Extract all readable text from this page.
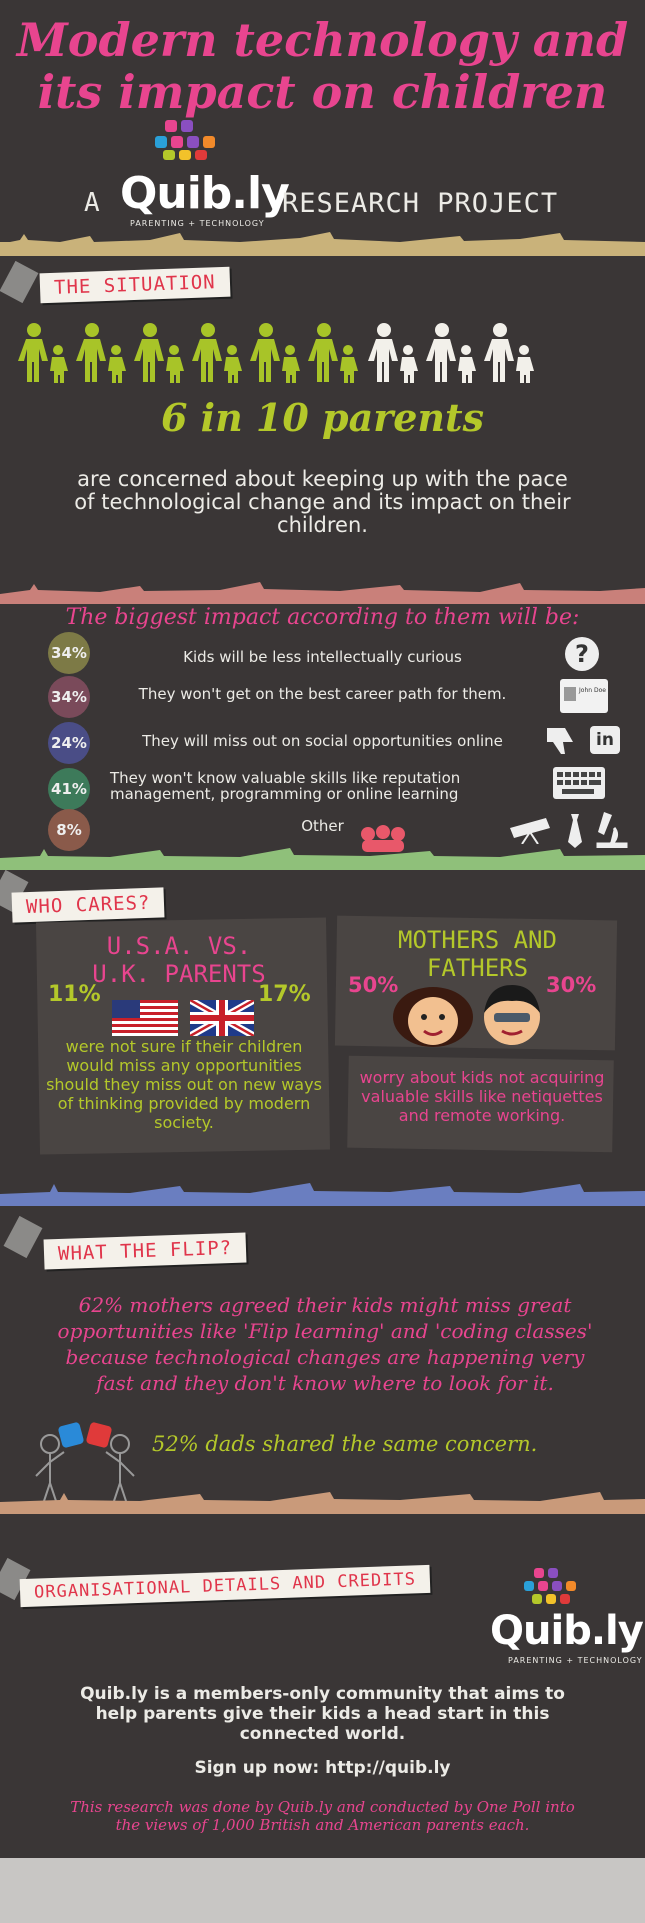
Modern technology and
its impact on children
A Quib.ly
PARENTING + TECHNOLOGY
RESEARCH PROJECT
THE SITUATION
6 in 10 parents
are concerned about keeping up with the pace of technological change and its impact on their children.
The biggest impact according to them will be:
34%	Kids will be less intellectually curious
34%	They won't get on the best career path for them.
24%	They will miss out on social opportunities online
41%
They won't know valuable skills like reputation management, programming or online learning
8%	Other
?
John Doe
in
WHO CARES?
U.S.A. VS. U.K. PARENTS
11%	17%
were not sure if their children would miss any opportunities should they miss out on new ways of thinking provided by modern society.
MOTHERS AND FATHERS
50%	30%
worry about kids not acquiring valuable skills like netiquettes and remote working.
WHAT THE FLIP?
62% mothers agreed their kids might miss great opportunities like 'Flip learning' and 'coding classes' because technological changes are happening very fast and they don't know where to look for it.
52% dads shared the same concern.
ORGANISATIONAL DETAILS AND CREDITS
Quib.ly
PARENTING + TECHNOLOGY
Quib.ly is a members-only community that aims to help parents give their kids a head start in this connected world.
Sign up now: http://quib.ly
This research was done by Quib.ly and conducted by One Poll into the views of 1,000 British and American parents each.
